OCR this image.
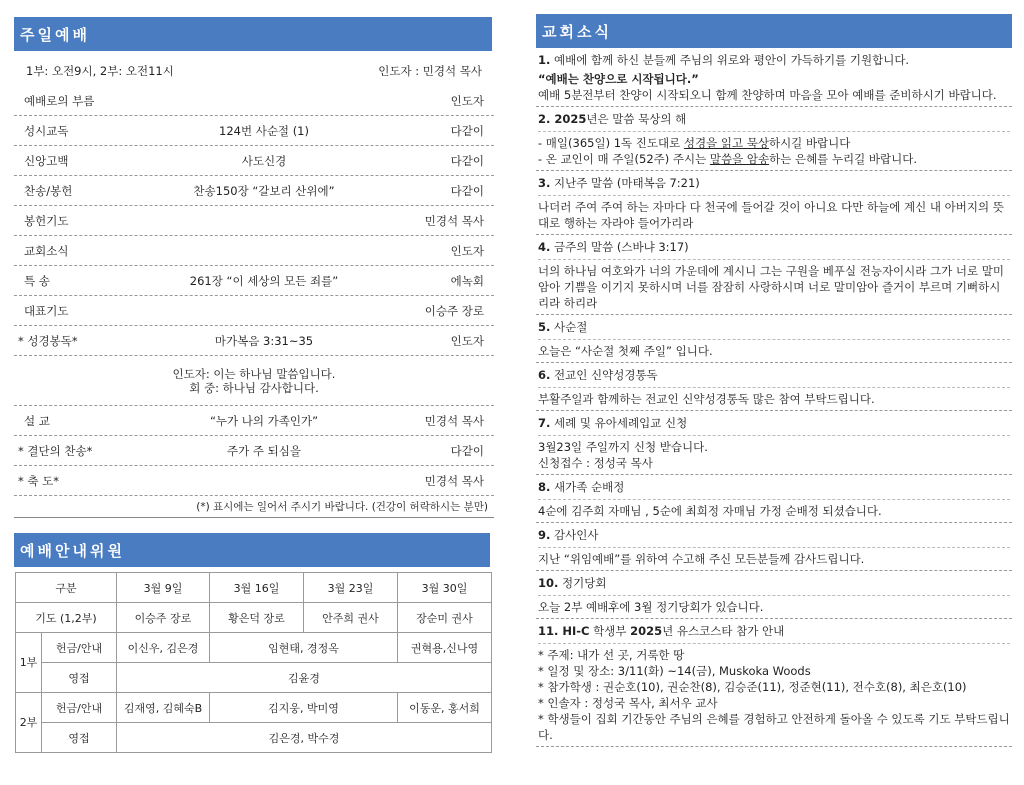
주일예배
1부: 오전9시, 2부: 오전11시	인도자 : 민경석 목사
예배로의 부름	인도자
성시교독	124번 사순절 (1)	다같이
신앙고백	사도신경	다같이
찬송/봉헌	찬송150장 “갈보리 산위에”	다같이
봉헌기도	민경석 목사
교회소식	인도자
특 송	261장 “이 세상의 모든 죄를”	에녹회
대표기도	이승주 장로
* 성경봉독*	마가복음 3:31~35	인도자
인도자: 이는 하나님 말씀입니다.
회 중: 하나님 감사합니다.
설 교	“누가 나의 가족인가”	민경석 목사
* 결단의 찬송*	주가 주 되심을	다같이
* 축 도*	민경석 목사
(*) 표시에는 일어서 주시기 바랍니다. (건강이 허락하시는 분만)
예배안내위원
구분		3월 9일	3월 16일	3월 23일	3월 30일
기도 (1,2부)		이승주 장로	황은덕 장로	안주희 권사	장순미 권사
1부	헌금/안내	이신우, 김은경	임현태, 경정옥		권혁용,신나영
	영접	김윤경			
2부	헌금/안내	김재영, 김혜숙B	김지웅, 박미영		이동운, 홍서희
	영접	김은경, 박수경			
교회소식
1. 예배에 함께 하신 분들께 주님의 위로와 평안이 가득하기를 기원합니다.

“예배는 찬양으로 시작됩니다.”

예배 5분전부터 찬양이 시작되오니 함께 찬양하며 마음을 모아 예배를 준비하시기 바랍니다.

2. 2025년은 말씀 묵상의 해

- 매일(365일) 1독 진도대로 성경을 읽고 묵상하시길 바랍니다

- 온 교인이 매 주일(52주) 주시는 말씀을 암송하는 은혜를 누리길 바랍니다.

3. 지난주 말씀 (마태복음 7:21)

나더러 주여 주여 하는 자마다 다 천국에 들어갈 것이 아니요 다만 하늘에 계신 내 아버지의 뜻대로 행하는 자라야 들어가리라

4. 금주의 말씀 (스바냐 3:17)

너의 하나님 여호와가 너의 가운데에 계시니 그는 구원을 베푸실 전능자이시라 그가 너로 말미암아 기쁨을 이기지 못하시며 너를 잠잠히 사랑하시며 너로 말미암아 즐거이 부르며 기뻐하시리라 하리라

5. 사순절

오늘은 “사순절 첫째 주일” 입니다.

6. 전교인 신약성경통독

부활주일과 함께하는 전교인 신약성경통독 많은 참여 부탁드립니다.

7. 세례 및 유아세례입교 신청

3월23일 주일까지 신청 받습니다.

신청접수 : 정성국 목사

8. 새가족 순배정

4순에 김주희 자매님 , 5순에 최희정 자매님 가정 순배정 되셨습니다.

9. 감사인사

지난 “위임예배”를 위하여 수고해 주신 모든분들께 감사드립니다.

10. 정기당회

오늘 2부 예배후에 3월 정기당회가 있습니다.

11. HI-C 학생부 2025년 유스코스타 참가 안내

* 주제: 내가 선 곳, 거룩한 땅

* 일정 및 장소: 3/11(화) ~14(금), Muskoka Woods

* 참가학생 : 권순호(10), 권순찬(8), 김승준(11), 정준현(11), 전수호(8), 최은호(10)

* 인솔자 : 정성국 목사, 최서우 교사

* 학생들이 집회 기간동안 주님의 은혜를 경험하고 안전하게 돌아올 수 있도록 기도 부탁드립니다.
